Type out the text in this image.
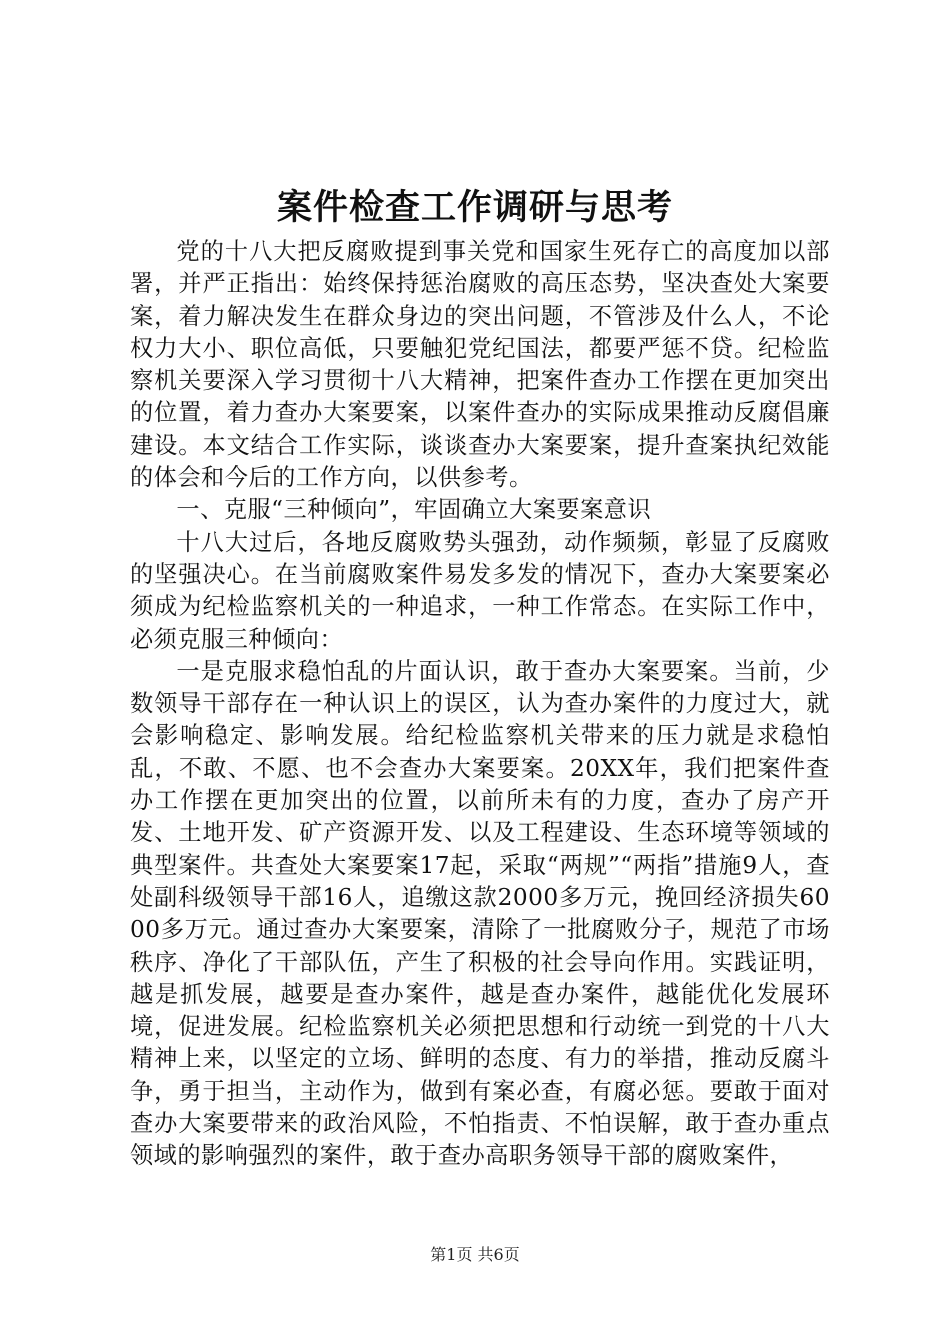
案件检查工作调研与思考

党的十八大把反腐败提到事关党和国家生死存亡的高度加以部署，并严正指出：始终保持惩治腐败的高压态势，坚决查处大案要案，着力解决发生在群众身边的突出问题，不管涉及什么人，不论权力大小、职位高低，只要触犯党纪国法，都要严惩不贷。纪检监察机关要深入学习贯彻十八大精神，把案件查办工作摆在更加突出的位置，着力查办大案要案，以案件查办的实际成果推动反腐倡廉建设。本文结合工作实际，谈谈查办大案要案，提升查案执纪效能的体会和今后的工作方向，以供参考。

一、克服“三种倾向”，牢固确立大案要案意识

十八大过后，各地反腐败势头强劲，动作频频，彰显了反腐败的坚强决心。在当前腐败案件易发多发的情况下，查办大案要案必须成为纪检监察机关的一种追求，一种工作常态。在实际工作中，必须克服三种倾向：

一是克服求稳怕乱的片面认识，敢于查办大案要案。当前，少数领导干部存在一种认识上的误区，认为查办案件的力度过大，就会影响稳定、影响发展。给纪检监察机关带来的压力就是求稳怕乱，不敢、不愿、也不会查办大案要案。20XX年，我们把案件查办工作摆在更加突出的位置，以前所未有的力度，查办了房产开发、土地开发、矿产资源开发、以及工程建设、生态环境等领域的典型案件。共查处大案要案17起，采取“两规”“两指”措施9人，查处副科级领导干部16人，追缴这款2000多万元，挽回经济损失6000多万元。通过查办大案要案，清除了一批腐败分子，规范了市场秩序、净化了干部队伍，产生了积极的社会导向作用。实践证明，越是抓发展，越要是查办案件，越是查办案件，越能优化发展环境，促进发展。纪检监察机关必须把思想和行动统一到党的十八大精神上来，以坚定的立场、鲜明的态度、有力的举措，推动反腐斗争，勇于担当，主动作为，做到有案必查，有腐必惩。要敢于面对查办大案要带来的政治风险，不怕指责、不怕误解，敢于查办重点领域的影响强烈的案件，敢于查办高职务领导干部的腐败案件，

第1页 共6页
